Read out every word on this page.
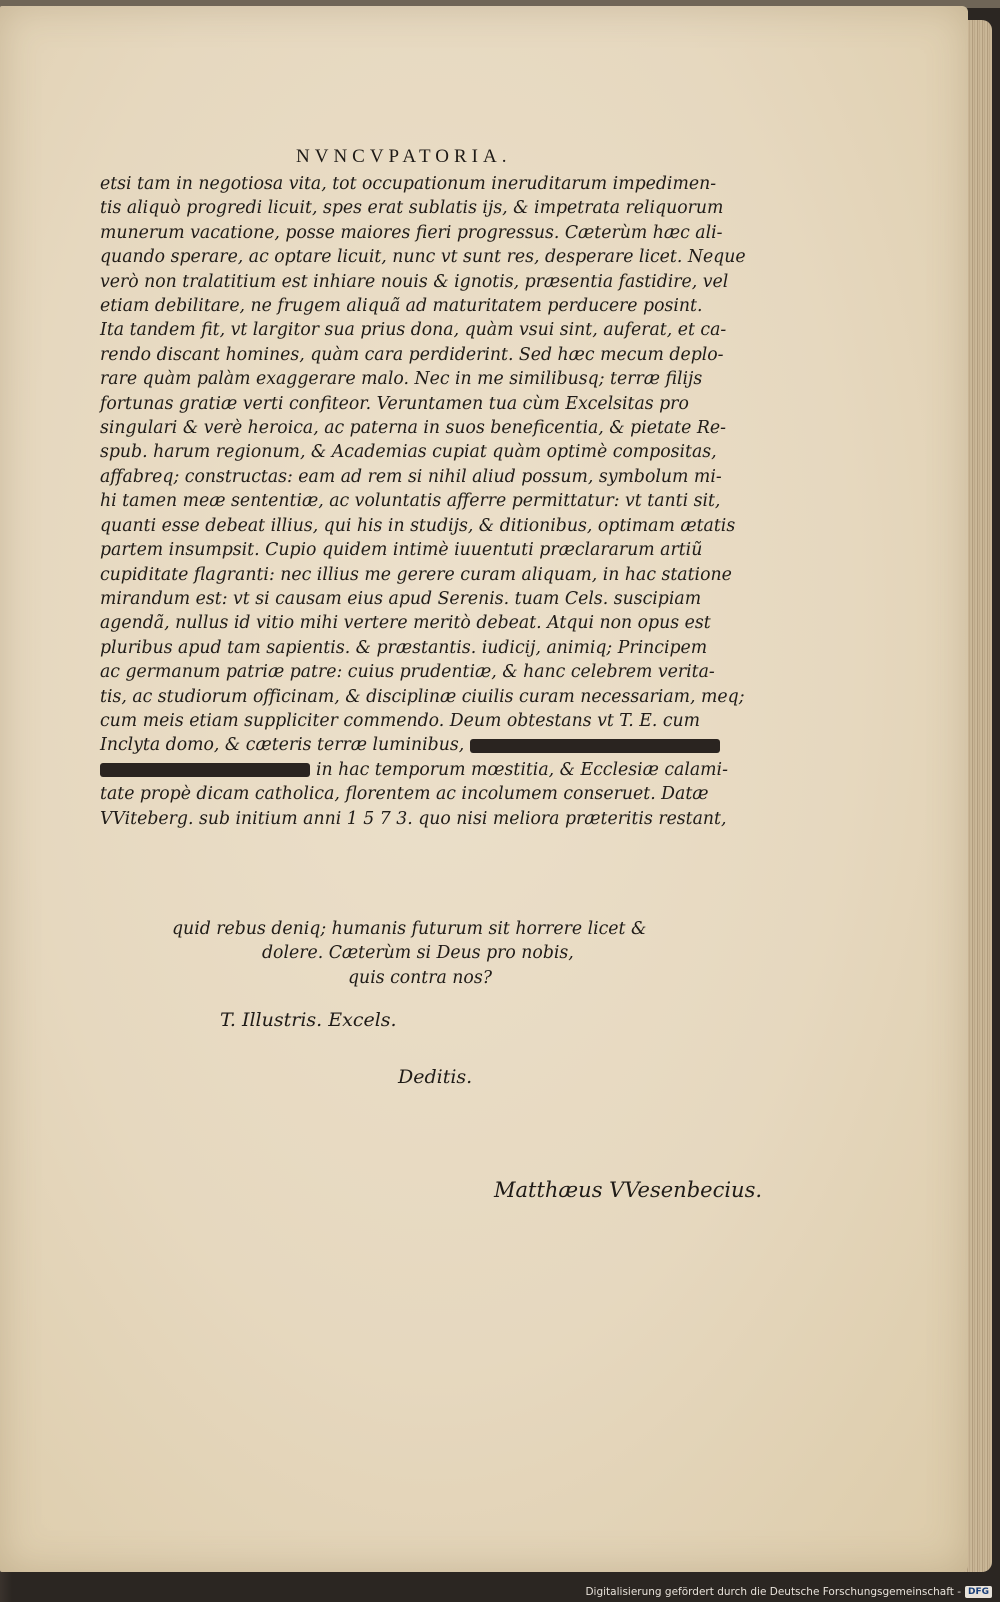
NVNCVPATORIA.
etsi tam in negotiosa vita, tot occupationum ineruditarum impedimen-
tis aliquò progredi licuit, spes erat sublatis ijs, & impetrata reliquorum
munerum vacatione, posse maiores fieri progressus. Cæterùm hæc ali-
quando sperare, ac optare licuit, nunc vt sunt res, desperare licet. Neque
verò non tralatitium est inhiare nouis & ignotis, præsentia fastidire, vel
etiam debilitare, ne frugem aliquã ad maturitatem perducere posint.
Ita tandem fit, vt largitor sua prius dona, quàm vsui sint, auferat, et ca-
rendo discant homines, quàm cara perdiderint. Sed hæc mecum deplo-
rare quàm palàm exaggerare malo. Nec in me similibusq; terræ filijs
fortunas gratiæ verti confiteor. Veruntamen tua cùm Excelsitas pro
singulari & verè heroica, ac paterna in suos beneficentia, & pietate Re-
spub. harum regionum, & Academias cupiat quàm optimè compositas,
affabreq; constructas: eam ad rem si nihil aliud possum, symbolum mi-
hi tamen meæ sententiæ, ac voluntatis afferre permittatur: vt tanti sit,
quanti esse debeat illius, qui his in studijs, & ditionibus, optimam ætatis
partem insumpsit. Cupio quidem intimè iuuentuti præclararum artiũ
cupiditate flagranti: nec illius me gerere curam aliquam, in hac statione
mirandum est: vt si causam eius apud Serenis. tuam Cels. suscipiam
agendã, nullus id vitio mihi vertere meritò debeat. Atqui non opus est
pluribus apud tam sapientis. & præstantis. iudicij, animiq; Principem
ac germanum patriæ patre: cuius prudentiæ, & hanc celebrem verita-
tis, ac studiorum officinam, & disciplinæ ciuilis curam necessariam, meq;
cum meis etiam suppliciter commendo. Deum obtestans vt T. E. cum
Inclyta domo, & cæteris terræ luminibus,
in hac temporum mœstitia, & Ecclesiæ calami-
tate propè dicam catholica, florentem ac incolumem conseruet. Datæ
VViteberg. sub initium anni 1 5 7 3. quo nisi meliora præteritis restant,
quid rebus deniq; humanis futurum sit horrere licet &
dolere. Cæterùm si Deus pro nobis,
quis contra nos?
T. Illustris. Excels.
Deditis.
Matthæus VVesenbecius.

Digitalisierung gefördert durch die Deutsche Forschungsgemeinschaft - DFG
